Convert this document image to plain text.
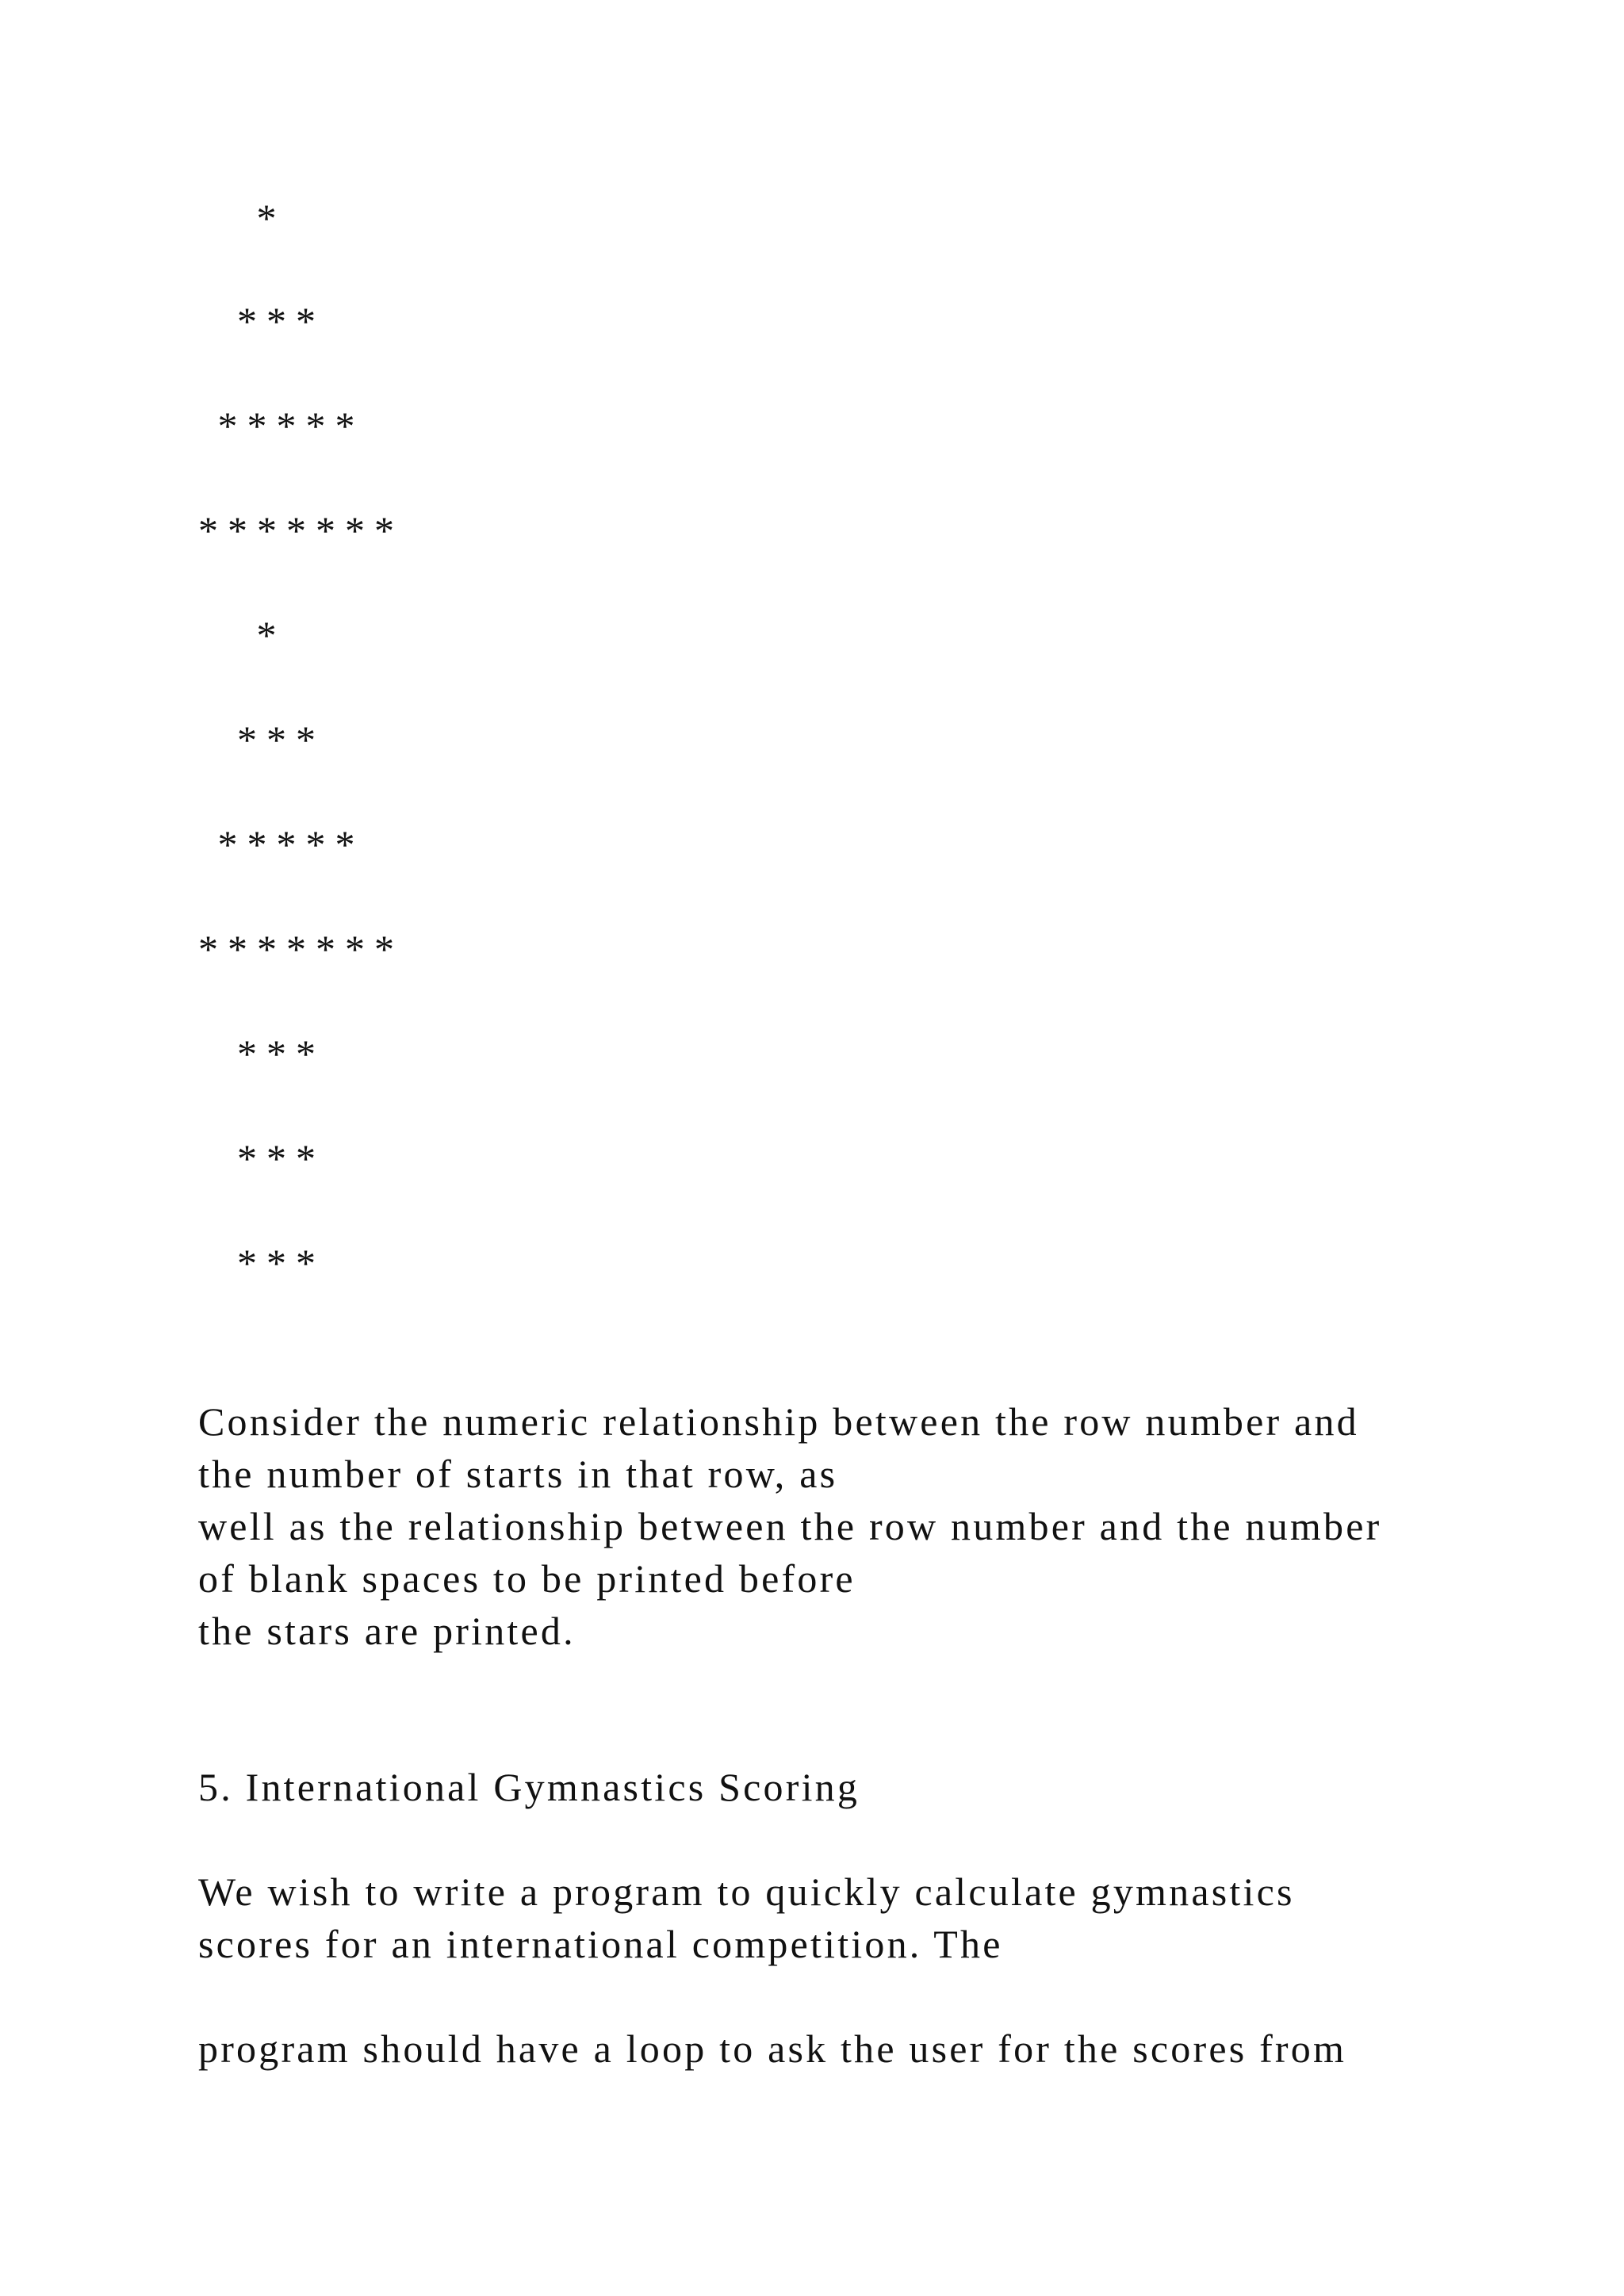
*
***
*****
*******
*
***
*****
*******
***
***
***

Consider the numeric relationship between the row number and

the number of starts in that row, as

well as the relationship between the row number and the number

of blank spaces to be printed before

the stars are printed.

5. International Gymnastics Scoring

We wish to write a program to quickly calculate gymnastics

scores for an international competition. The

program should have a loop to ask the user for the scores from
